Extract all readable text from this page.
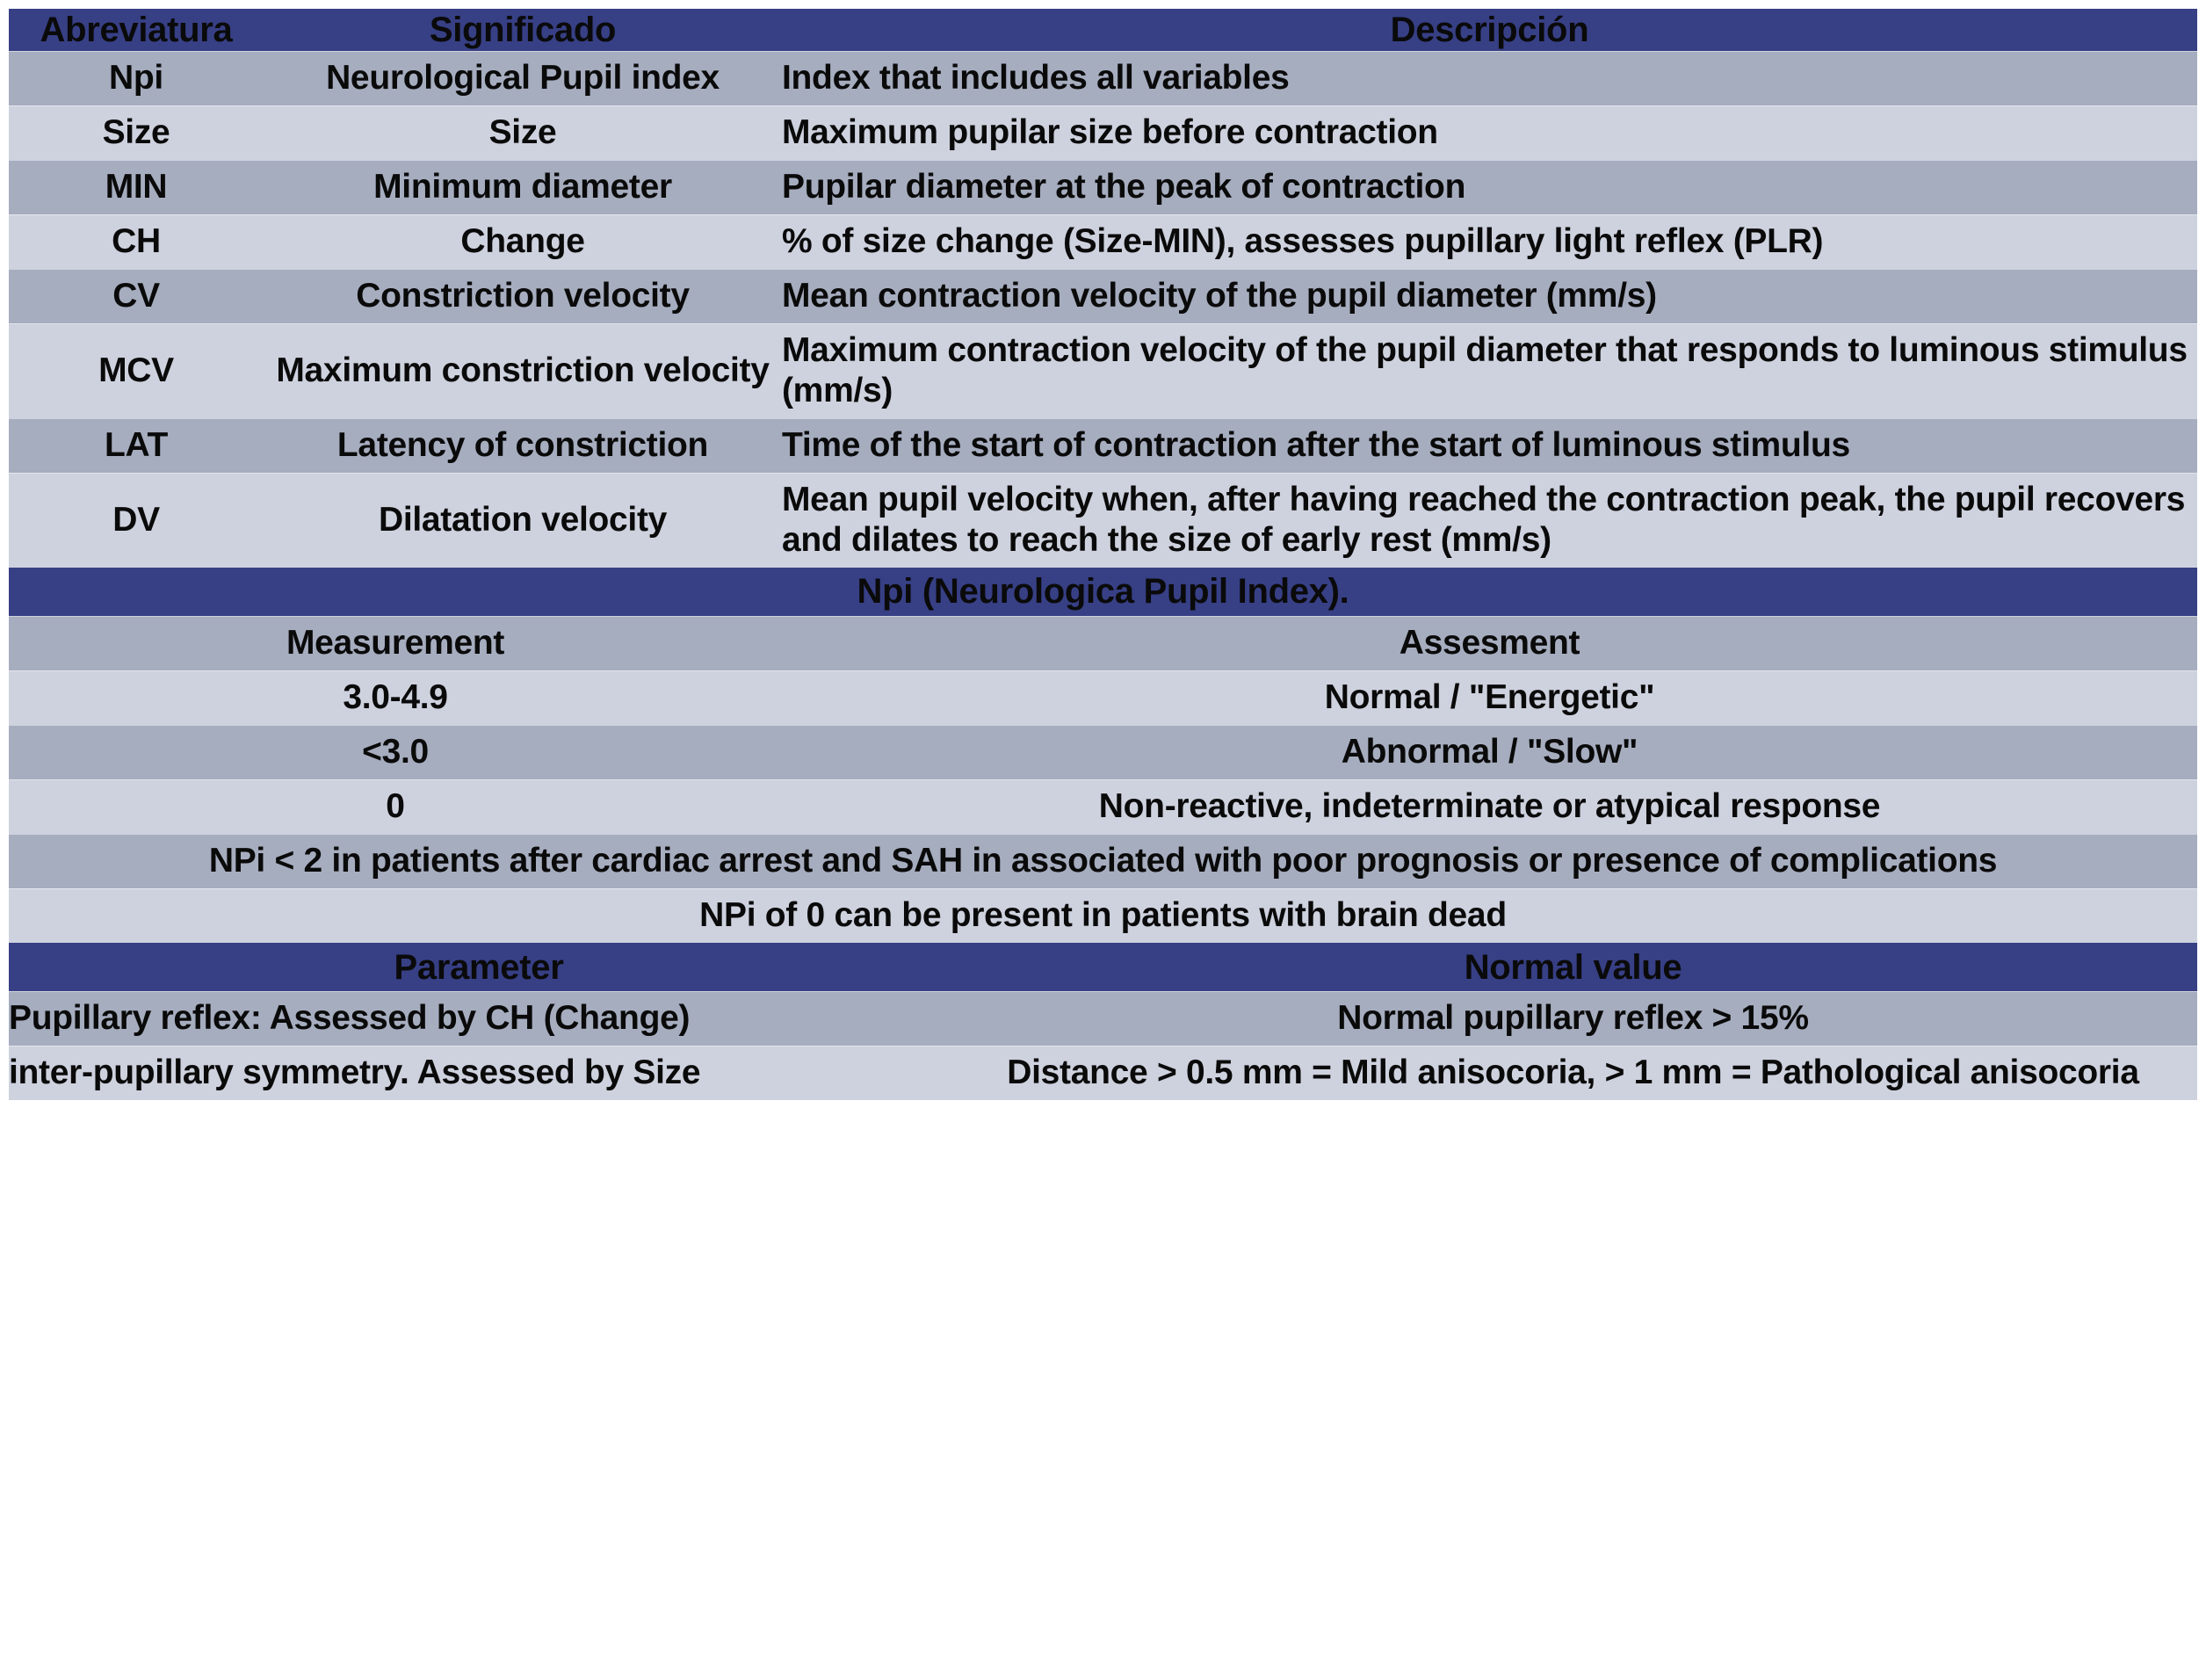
Abreviatura	Significado	Descripción
Npi	Neurological Pupil index	Index that includes all variables
Size	Size	Maximum pupilar size before contraction
MIN	Minimum diameter	Pupilar diameter at the peak of contraction
CH	Change	% of size change (Size-MIN), assesses pupillary light reflex (PLR)
CV	Constriction velocity	Mean contraction velocity of the pupil diameter (mm/s)
MCV	Maximum constriction velocity	Maximum contraction velocity of the pupil diameter that responds to luminous stimulus (mm/s)
LAT	Latency of constriction	Time of the start of contraction after the start of luminous stimulus
DV	Dilatation velocity	Mean pupil velocity when, after having reached the contraction peak, the pupil recovers and dilates to reach the size of early rest (mm/s)
Npi (Neurologica Pupil Index).	
Measurement	Assesment
3.0-4.9	Normal / "Energetic"
<3.0	Abnormal / "Slow"
0	Non-reactive, indeterminate or atypical response
NPi < 2 in patients after cardiac arrest and SAH in associated with poor prognosis or presence of complications	
NPi of 0 can be present in patients with brain dead	
Parameter	Normal value
Pupillary reflex: Assessed by CH (Change)	Normal pupillary reflex > 15%
inter-pupillary symmetry. Assessed by Size	Distance > 0.5 mm = Mild anisocoria, > 1 mm = Pathological anisocoria
